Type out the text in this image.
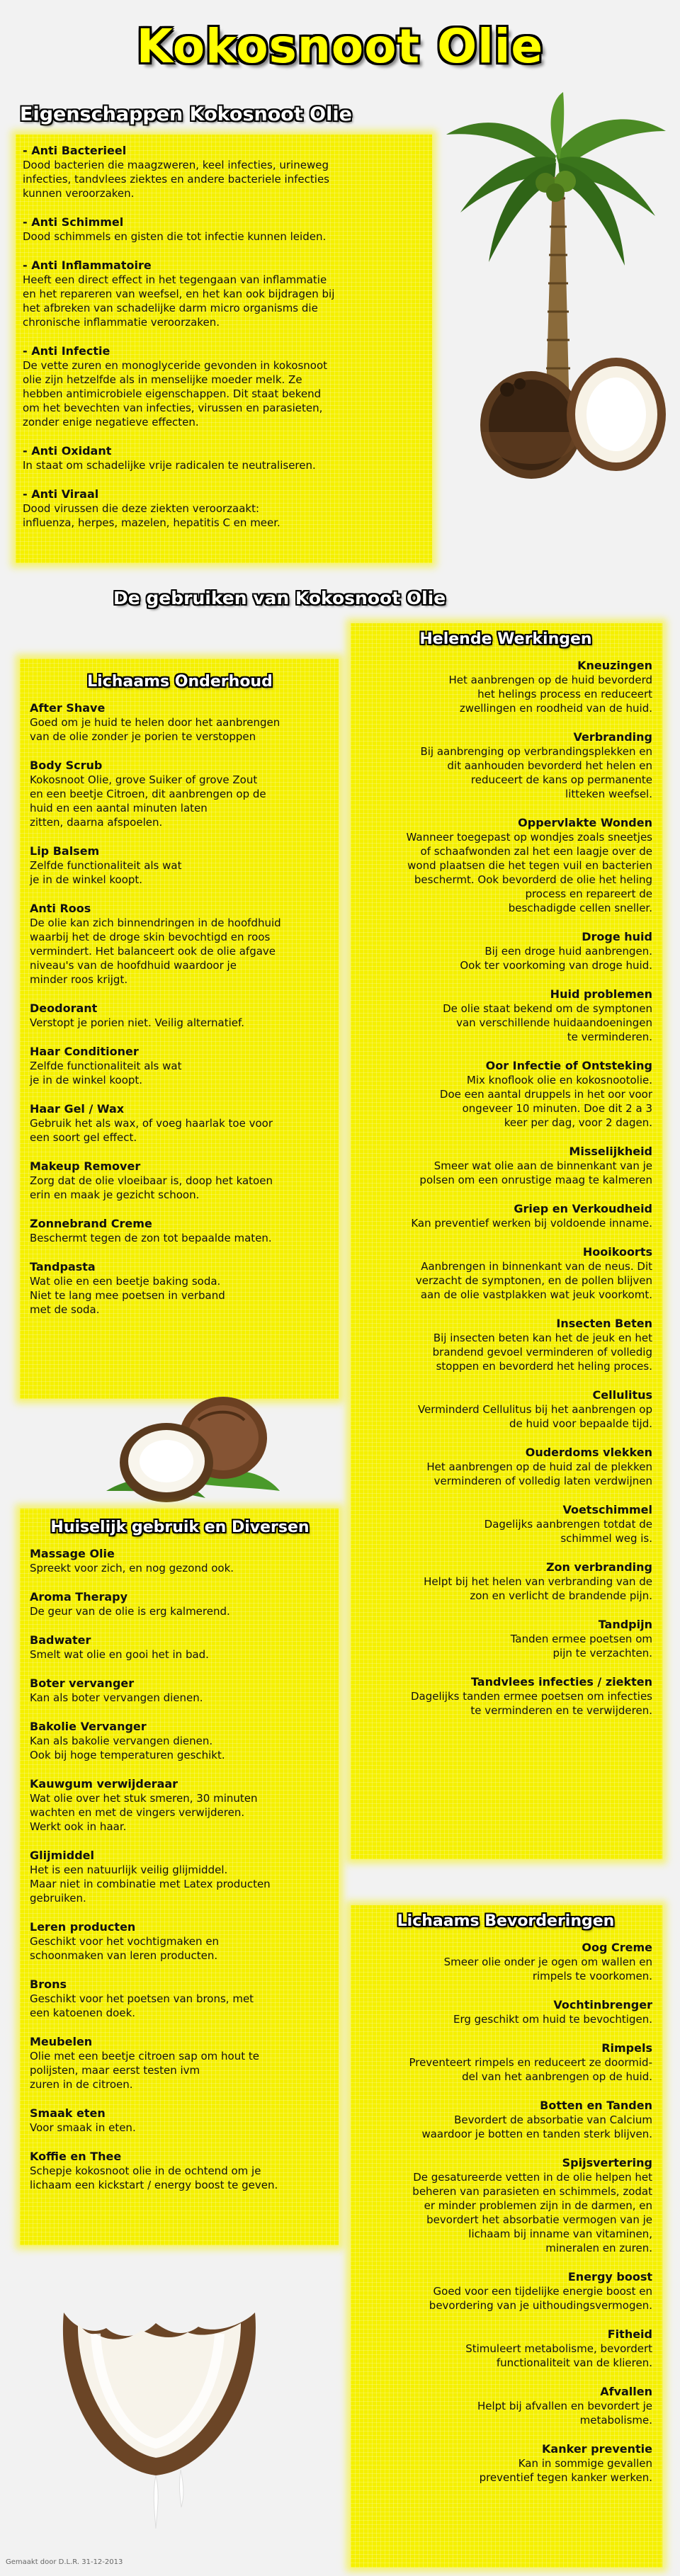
Kokosnoot Olie
Eigenschappen Kokosnoot Olie
- Anti Bacterieel
Dood bacterien die maagzweren, keel infecties, urineweg
infecties, tandvlees ziektes en andere bacteriele infecties
kunnen veroorzaken.
- Anti Schimmel
Dood schimmels en gisten die tot infectie kunnen leiden.
- Anti Inflammatoire
Heeft een direct effect in het tegengaan van inflammatie
en het repareren van weefsel, en het kan ook bijdragen bij
het afbreken van schadelijke darm micro organisms die
chronische inflammatie veroorzaken.
- Anti Infectie
De vette zuren en monoglyceride gevonden in kokosnoot
olie zijn hetzelfde als in menselijke moeder melk. Ze
hebben antimicrobiele eigenschappen. Dit staat bekend
om het bevechten van infecties, virussen en parasieten,
zonder enige negatieve effecten.
- Anti Oxidant
In staat om schadelijke vrije radicalen te neutraliseren.
- Anti Viraal
Dood virussen die deze ziekten veroorzaakt:
influenza, herpes, mazelen, hepatitis C en meer.
De gebruiken van Kokosnoot Olie
Lichaams Onderhoud
After Shave
Goed om je huid te helen door het aanbrengen
van de olie zonder je porien te verstoppen
Body Scrub
Kokosnoot Olie, grove Suiker of grove Zout
en een beetje Citroen, dit aanbrengen op de
huid en een aantal minuten laten
zitten, daarna afspoelen.
Lip Balsem
Zelfde functionaliteit als wat
je in de winkel koopt.
Anti Roos
De olie kan zich binnendringen in de hoofdhuid
waarbij het de droge skin bevochtigd en roos
vermindert. Het balanceert ook de olie afgave
niveau's van de hoofdhuid waardoor je
minder roos krijgt.
Deodorant
Verstopt je porien niet. Veilig alternatief.
Haar Conditioner
Zelfde functionaliteit als wat
je in de winkel koopt.
Haar Gel / Wax
Gebruik het als wax, of voeg haarlak toe voor
een soort gel effect.
Makeup Remover
Zorg dat de olie vloeibaar is, doop het katoen
erin en maak je gezicht schoon.
Zonnebrand Creme
Beschermt tegen de zon tot bepaalde maten.
Tandpasta
Wat olie en een beetje baking soda.
Niet te lang mee poetsen in verband
met de soda.
Huiselijk gebruik en Diversen
Massage Olie
Spreekt voor zich, en nog gezond ook.
Aroma Therapy
De geur van de olie is erg kalmerend.
Badwater
Smelt wat olie en gooi het in bad.
Boter vervanger
Kan als boter vervangen dienen.
Bakolie Vervanger
Kan als bakolie vervangen dienen.
Ook bij hoge temperaturen geschikt.
Kauwgum verwijderaar
Wat olie over het stuk smeren, 30 minuten
wachten en met de vingers verwijderen.
Werkt ook in haar.
Glijmiddel
Het is een natuurlijk veilig glijmiddel.
Maar niet in combinatie met Latex producten
gebruiken.
Leren producten
Geschikt voor het vochtigmaken en
schoonmaken van leren producten.
Brons
Geschikt voor het poetsen van brons, met
een katoenen doek.
Meubelen
Olie met een beetje citroen sap om hout te
polijsten, maar eerst testen ivm
zuren in de citroen.
Smaak eten
Voor smaak in eten.
Koffie en Thee
Schepje kokosnoot olie in de ochtend om je
lichaam een kickstart / energy boost te geven.
Helende Werkingen
Kneuzingen
Het aanbrengen op de huid bevorderd
het helings process en reduceert
zwellingen en roodheid van de huid.
Verbranding
Bij aanbrenging op verbrandingsplekken en
dit aanhouden bevorderd het helen en
reduceert de kans op permanente
litteken weefsel.
Oppervlakte Wonden
Wanneer toegepast op wondjes zoals sneetjes
of schaafwonden zal het een laagje over de
wond plaatsen die het tegen vuil en bacterien
beschermt. Ook bevorderd de olie het heling
process en repareert de
beschadigde cellen sneller.
Droge huid
Bij een droge huid aanbrengen.
Ook ter voorkoming van droge huid.
Huid problemen
De olie staat bekend om de symptonen
van verschillende huidaandoeningen
te verminderen.
Oor Infectie of Ontsteking
Mix knoflook olie en kokosnootolie.
Doe een aantal druppels in het oor voor
ongeveer 10 minuten. Doe dit 2 a 3
keer per dag, voor 2 dagen.
Misselijkheid
Smeer wat olie aan de binnenkant van je
polsen om een onrustige maag te kalmeren
Griep en Verkoudheid
Kan preventief werken bij voldoende inname.
Hooikoorts
Aanbrengen in binnenkant van de neus. Dit
verzacht de symptonen, en de pollen blijven
aan de olie vastplakken wat jeuk voorkomt.
Insecten Beten
Bij insecten beten kan het de jeuk en het
brandend gevoel verminderen of volledig
stoppen en bevorderd het heling proces.
Cellulitus
Verminderd Cellulitus bij het aanbrengen op
de huid voor bepaalde tijd.
Ouderdoms vlekken
Het aanbrengen op de huid zal de plekken
verminderen of volledig laten verdwijnen
Voetschimmel
Dagelijks aanbrengen totdat de
schimmel weg is.
Zon verbranding
Helpt bij het helen van verbranding van de
zon en verlicht de brandende pijn.
Tandpijn
Tanden ermee poetsen om
pijn te verzachten.
Tandvlees infecties / ziekten
Dagelijks tanden ermee poetsen om infecties
te verminderen en te verwijderen.
Lichaams Bevorderingen
Oog Creme
Smeer olie onder je ogen om wallen en
rimpels te voorkomen.
Vochtinbrenger
Erg geschikt om huid te bevochtigen.
Rimpels
Preventeert rimpels en reduceert ze doormid-
del van het aanbrengen op de huid.
Botten en Tanden
Bevordert de absorbatie van Calcium
waardoor je botten en tanden sterk blijven.
Spijsvertering
De gesatureerde vetten in de olie helpen het
beheren van parasieten en schimmels, zodat
er minder problemen zijn in de darmen, en
bevordert het absorbatie vermogen van je
lichaam bij inname van vitaminen,
mineralen en zuren.
Energy boost
Goed voor een tijdelijke energie boost en
bevordering van je uithoudingsvermogen.
Fitheid
Stimuleert metabolisme, bevordert
functionaliteit van de klieren.
Afvallen
Helpt bij afvallen en bevordert je
metabolisme.
Kanker preventie
Kan in sommige gevallen
preventief tegen kanker werken.
Gemaakt door D.L.R. 31-12-2013
